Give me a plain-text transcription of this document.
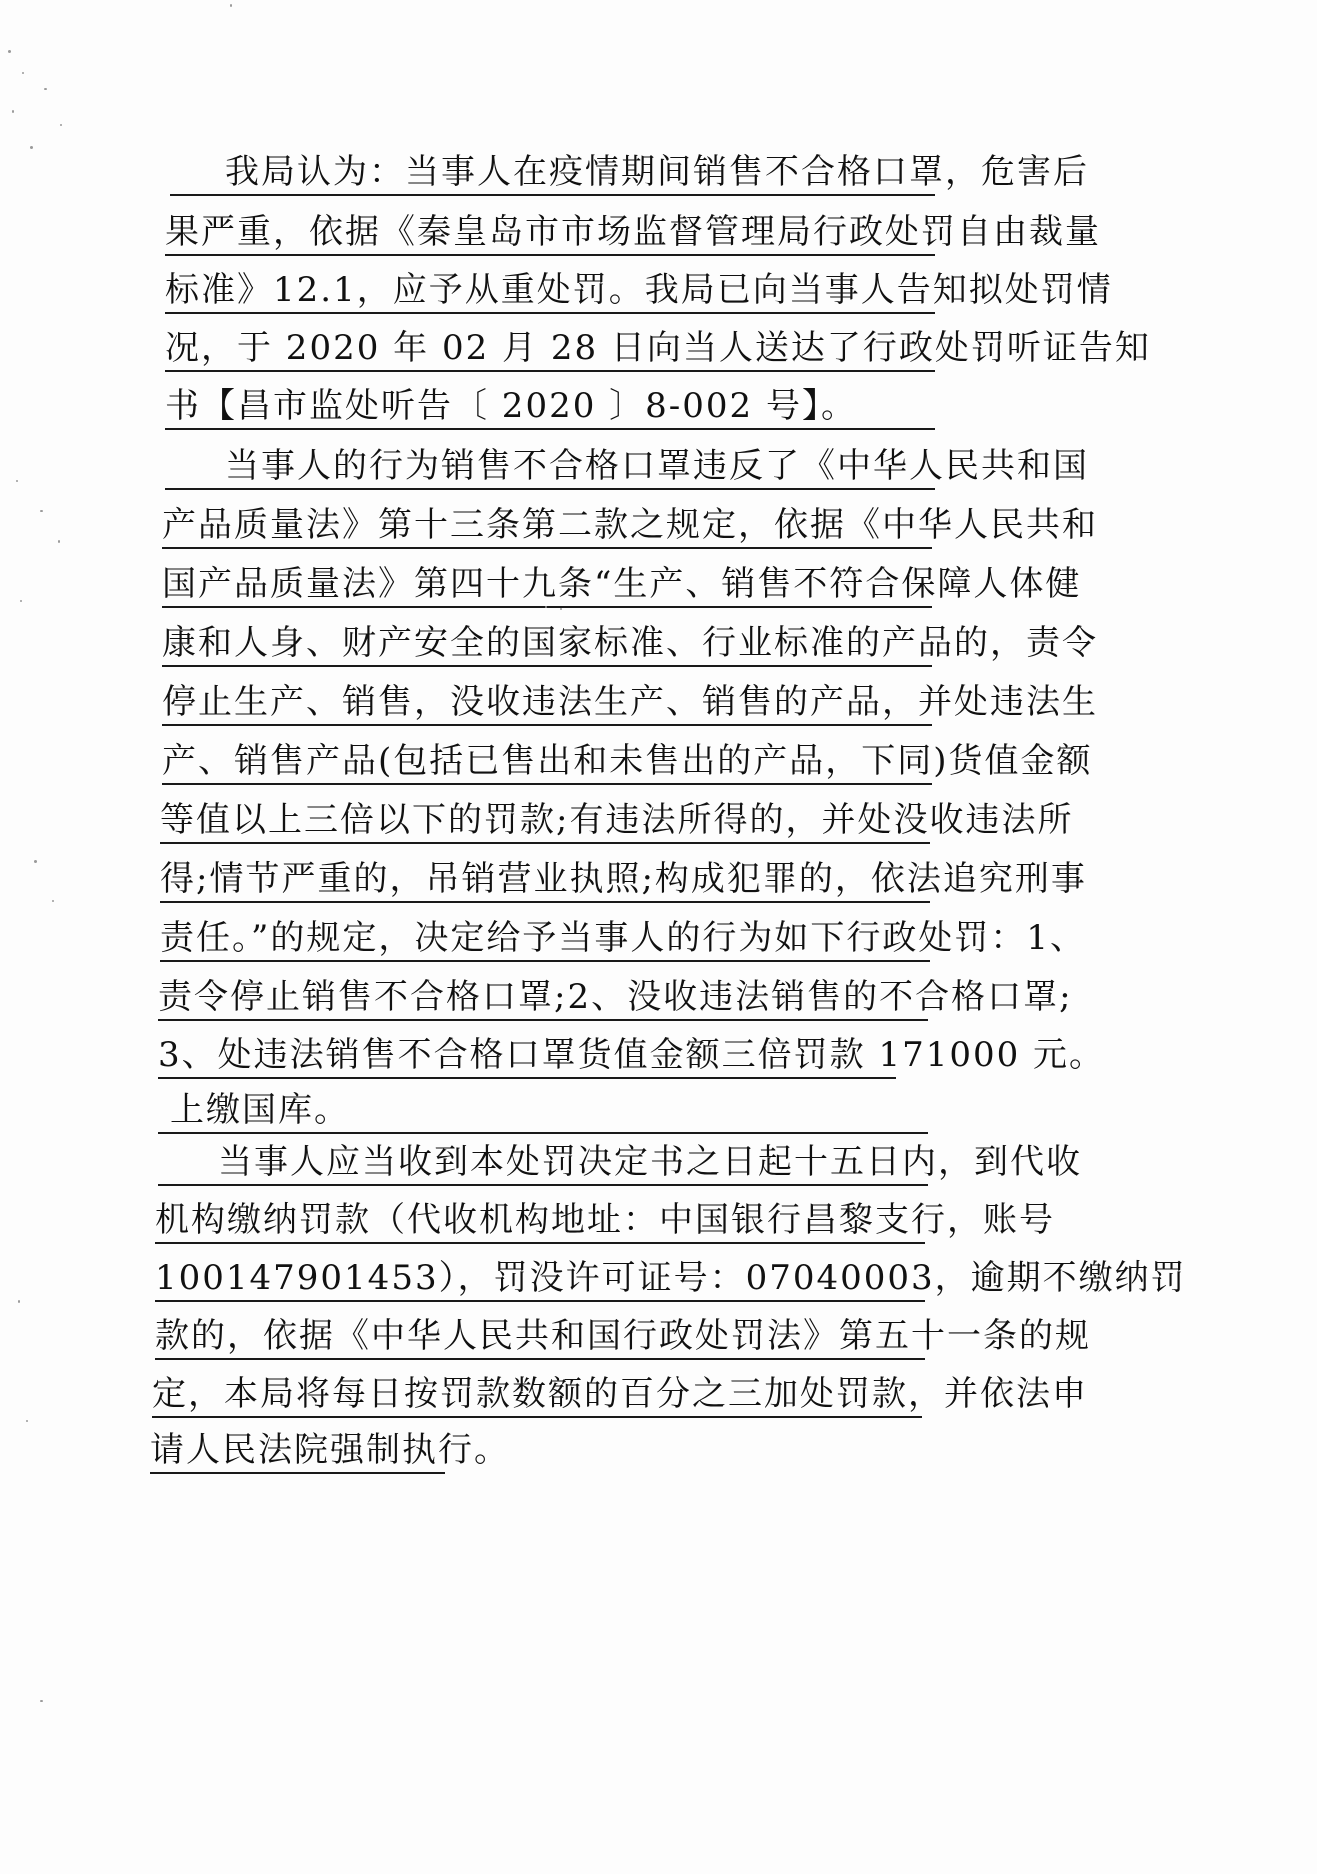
我局认为：当事人在疫情期间销售不合格口罩，危害后
果严重，依据《秦皇岛市市场监督管理局行政处罚自由裁量
标准》12.1，应予从重处罚。我局已向当事人告知拟处罚情
况，于 2020 年 02 月 28 日向当人送达了行政处罚听证告知
书【昌市监处听告〔 2020 〕8-002 号】。
当事人的行为销售不合格口罩违反了《中华人民共和国
产品质量法》第十三条第二款之规定，依据《中华人民共和
国产品质量法》第四十九条“生产、销售不符合保障人体健
康和人身、财产安全的国家标准、行业标准的产品的，责令
停止生产、销售，没收违法生产、销售的产品，并处违法生
产、销售产品(包括已售出和未售出的产品，下同)货值金额
等值以上三倍以下的罚款;有违法所得的，并处没收违法所
得;情节严重的，吊销营业执照;构成犯罪的，依法追究刑事
责任。”的规定，决定给予当事人的行为如下行政处罚：1、
责令停止销售不合格口罩;2、没收违法销售的不合格口罩;
3、处违法销售不合格口罩货值金额三倍罚款 171000 元。
上缴国库。
当事人应当收到本处罚决定书之日起十五日内，到代收
机构缴纳罚款（代收机构地址：中国银行昌黎支行，账号
100147901453），罚没许可证号：07040003，逾期不缴纳罚
款的，依据《中华人民共和国行政处罚法》第五十一条的规
定，本局将每日按罚款数额的百分之三加处罚款，并依法申
请人民法院强制执行。
